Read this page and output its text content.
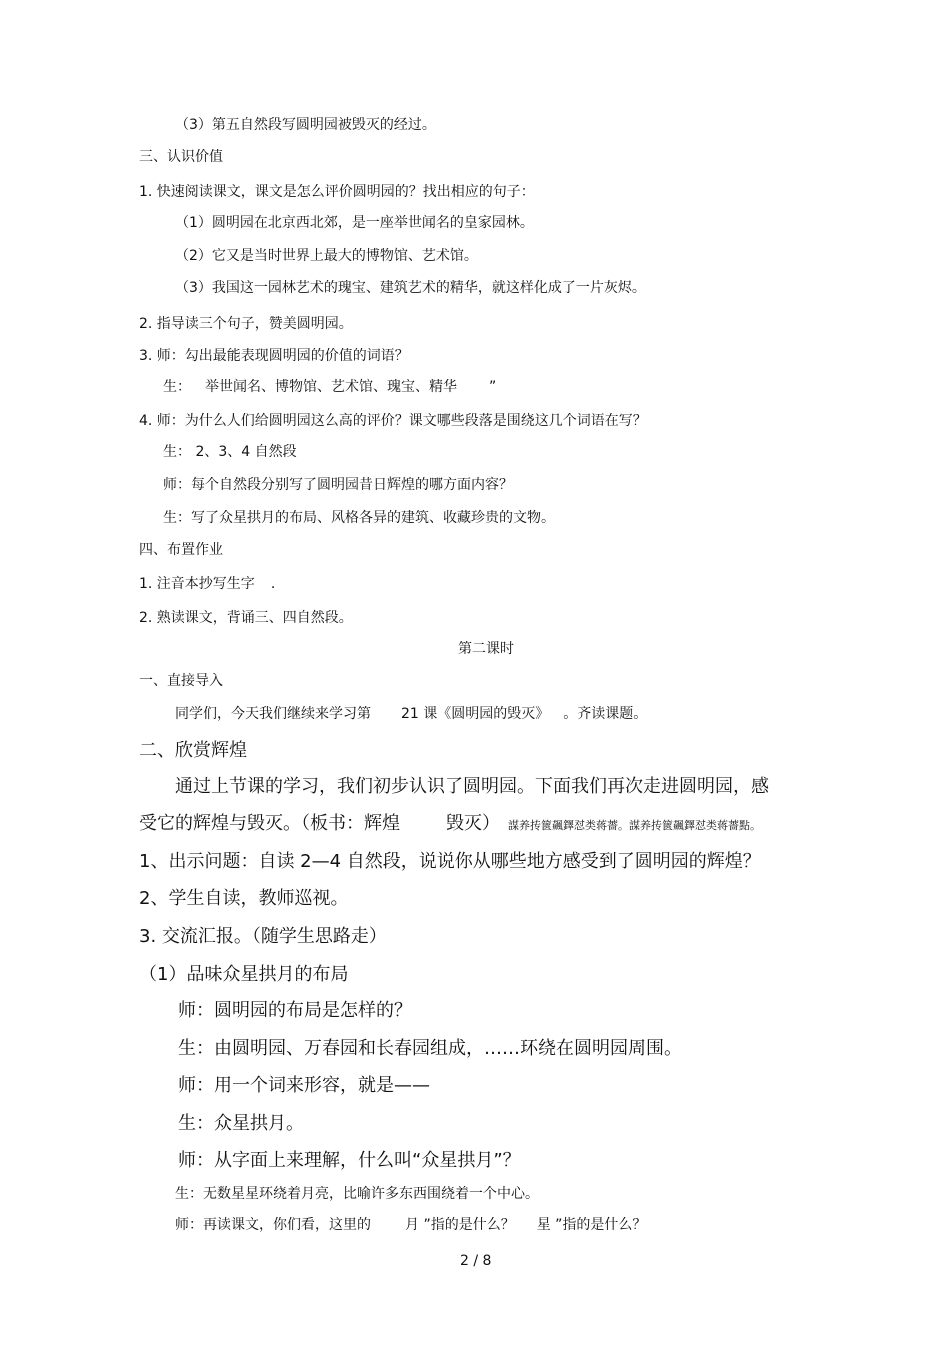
（3）第五自然段写圆明园被毁灭的经过。
三、认识价值
1. 快速阅读课文，课文是怎么评价圆明园的？找出相应的句子：
（1）圆明园在北京西北郊，是一座举世闻名的皇家园林。
（2）它又是当时世界上最大的博物馆、艺术馆。
（3）我国这一园林艺术的瑰宝、建筑艺术的精华，就这样化成了一片灰烬。
2. 指导读三个句子，赞美圆明园。
3. 师：勾出最能表现圆明园的价值的词语？
生： 举世闻名、博物馆、艺术馆、瑰宝、精华 ”
4. 师：为什么人们给圆明园这么高的评价？课文哪些段落是围绕这几个词语在写？
生： 2、3、4 自然段
师：每个自然段分别写了圆明园昔日辉煌的哪方面内容？
生：写了众星拱月的布局、风格各异的建筑、收藏珍贵的文物。
四、布置作业
1. 注音本抄写生字 .
2. 熟读课文，背诵三、四自然段。
第二课时
一、直接导入
同学们，今天我们继续来学习第 21 课《圆明园的毁灭》 。齐读课题。
二、欣赏辉煌
通过上节课的学习，我们初步认识了圆明园。下面我们再次走进圆明园，感
受它的辉煌与毁灭。（板书：辉煌	毁灭） 謀养抟篋飆鐸怼类蒋薔。謀养抟篋飆鐸怼类蒋薔點。
1、出示问题：自读 2—4 自然段，说说你从哪些地方感受到了圆明园的辉煌？
2、学生自读，教师巡视。
3. 交流汇报。（随学生思路走）
（1）品味众星拱月的布局
师：圆明园的布局是怎样的？
生：由圆明园、万春园和长春园组成，……环绕在圆明园周围。
师：用一个词来形容，就是——
生：众星拱月。
师：从字面上来理解，什么叫“众星拱月”？
生：无数星星环绕着月亮，比喻许多东西围绕着一个中心。
师：再读课文，你们看，这里的 月 ”指的是什么？ 星 ”指的是什么？
2 / 8
